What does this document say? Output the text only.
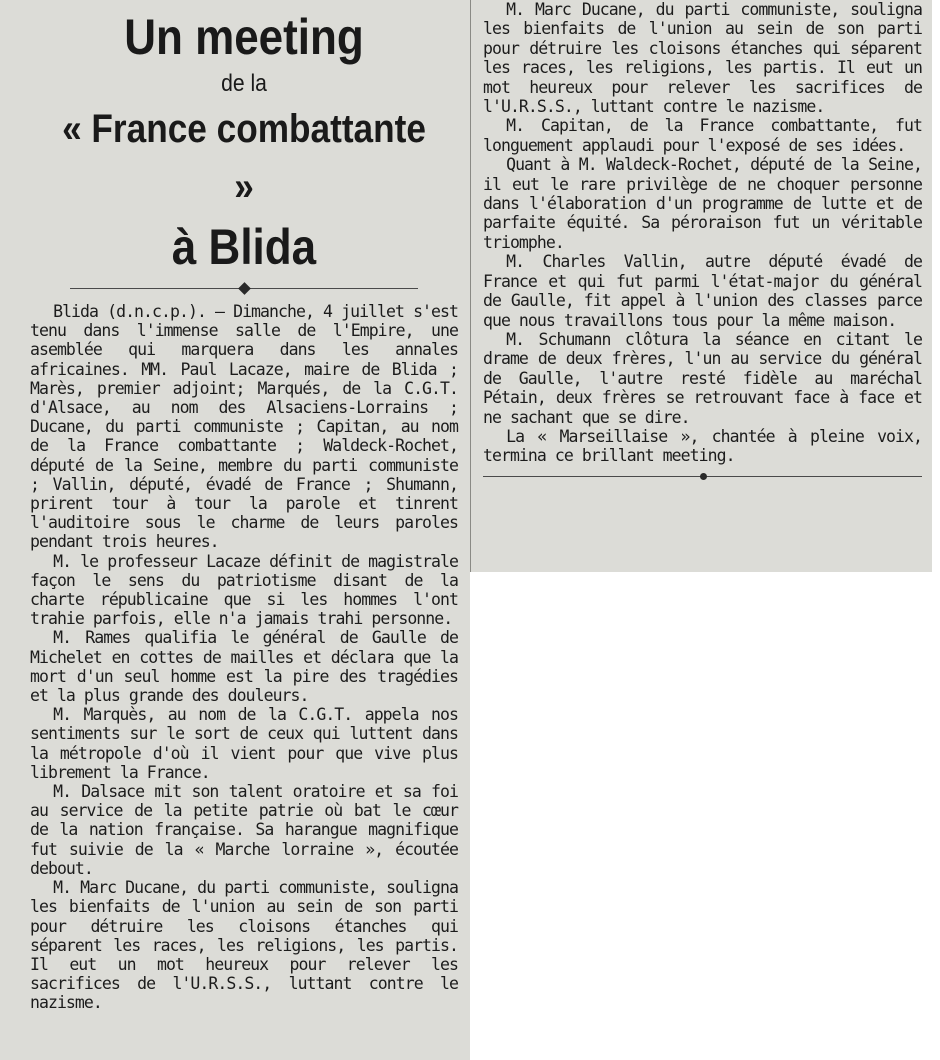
Un meeting
de la
« France combattante »
à Blida

Blida (d.n.c.p.). — Dimanche, 4 juillet s'est tenu dans l'immense salle de l'Empire, une asemblée qui marquera dans les annales africaines. MM. Paul Lacaze, maire de Blida ; Marès, premier adjoint; Marqués, de la C.G.T. d'Alsace, au nom des Alsaciens-Lorrains ; Ducane, du parti communiste ; Capitan, au nom de la France combattante ; Waldeck-Rochet, député de la Seine, membre du parti communiste ; Vallin, député, évadé de France ; Shumann, prirent tour à tour la parole et tinrent l'auditoire sous le charme de leurs paroles pendant trois heures.

M. le professeur Lacaze définit de magistrale façon le sens du patriotisme disant de la charte républicaine que si les hommes l'ont trahie parfois, elle n'a jamais trahi personne.

M. Rames qualifia le général de Gaulle de Michelet en cottes de mailles et déclara que la mort d'un seul homme est la pire des tragédies et la plus grande des douleurs.

M. Marquès, au nom de la C.G.T. appela nos sentiments sur le sort de ceux qui luttent dans la métropole d'où il vient pour que vive plus librement la France.

M. Dalsace mit son talent oratoire et sa foi au service de la petite patrie où bat le cœur de la nation française. Sa harangue magnifique fut suivie de la « Marche lorraine », écoutée debout.

M. Marc Ducane, du parti communiste, souligna les bienfaits de l'union au sein de son parti pour détruire les cloisons étanches qui séparent les races, les religions, les partis. Il eut un mot heureux pour relever les sacrifices de l'U.R.S.S., luttant contre le nazisme.

M. Marc Ducane, du parti communiste, souligna les bienfaits de l'union au sein de son parti pour détruire les cloisons étanches qui séparent les races, les religions, les partis. Il eut un mot heureux pour relever les sacrifices de l'U.R.S.S., luttant contre le nazisme.

M. Capitan, de la France combattante, fut longuement applaudi pour l'exposé de ses idées.

Quant à M. Waldeck-Rochet, député de la Seine, il eut le rare privilège de ne choquer personne dans l'élaboration d'un programme de lutte et de parfaite équité. Sa péroraison fut un véritable triomphe.

M. Charles Vallin, autre député évadé de France et qui fut parmi l'état-major du général de Gaulle, fit appel à l'union des classes parce que nous travaillons tous pour la même maison.

M. Schumann clôtura la séance en citant le drame de deux frères, l'un au service du général de Gaulle, l'autre resté fidèle au maréchal Pétain, deux frères se retrouvant face à face et ne sachant que se dire.

La « Marseillaise », chantée à pleine voix, termina ce brillant meeting.
